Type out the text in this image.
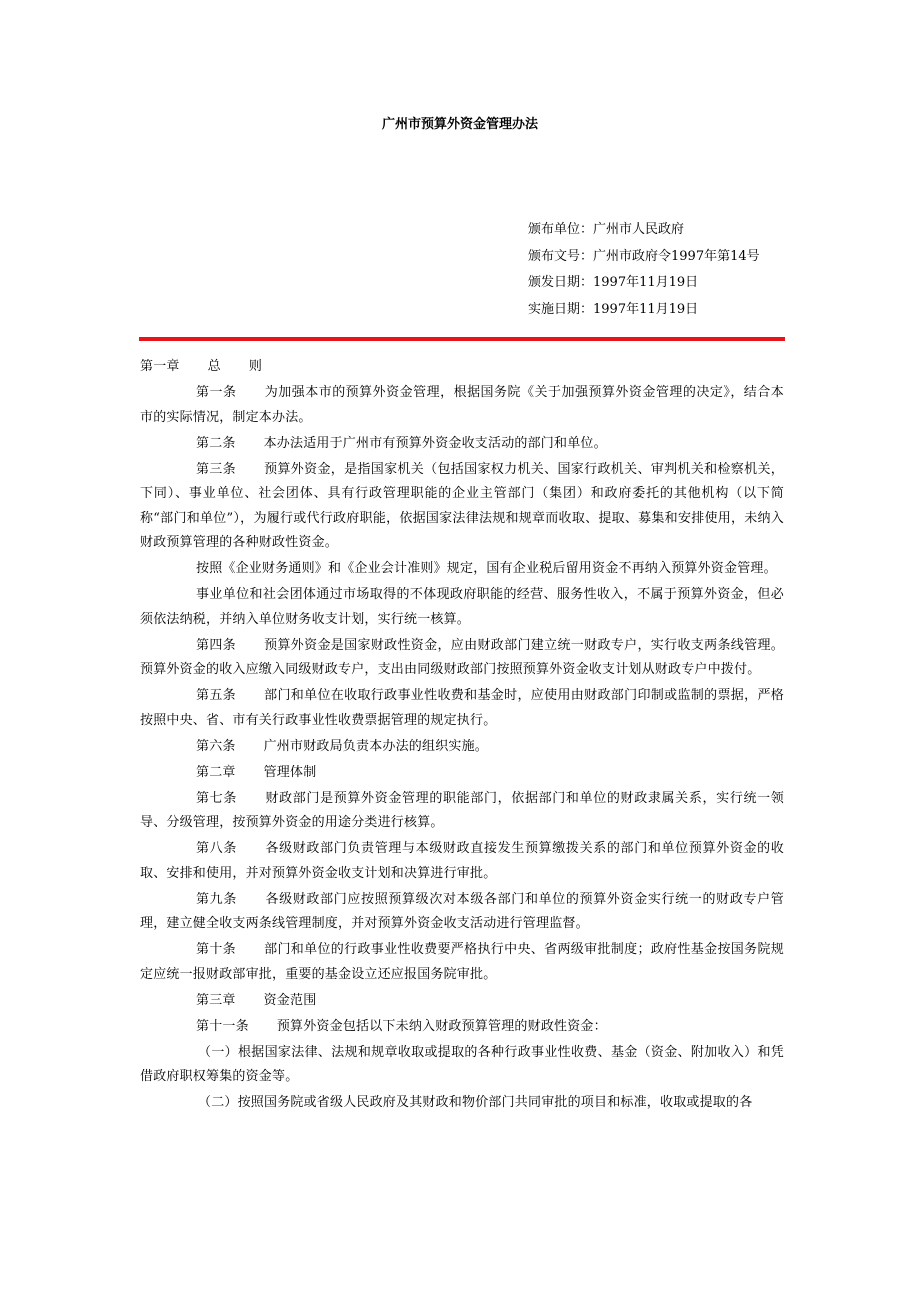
广州市预算外资金管理办法
颁布单位：广州市人民政府
颁布文号：广州市政府令1997年第14号
颁发日期：1997年11月19日
实施日期：1997年11月19日

第一章 总 则

第一条 为加强本市的预算外资金管理，根据国务院《关于加强预算外资金管理的决定》，结合本市的实际情况，制定本办法。

第二条 本办法适用于广州市有预算外资金收支活动的部门和单位。

第三条 预算外资金，是指国家机关（包括国家权力机关、国家行政机关、审判机关和检察机关，下同）、事业单位、社会团体、具有行政管理职能的企业主管部门（集团）和政府委托的其他机构（以下简称“部门和单位”），为履行或代行政府职能，依据国家法律法规和规章而收取、提取、募集和安排使用，未纳入财政预算管理的各种财政性资金。

按照《企业财务通则》和《企业会计准则》规定，国有企业税后留用资金不再纳入预算外资金管理。

事业单位和社会团体通过市场取得的不体现政府职能的经营、服务性收入，不属于预算外资金，但必须依法纳税，并纳入单位财务收支计划，实行统一核算。

第四条 预算外资金是国家财政性资金，应由财政部门建立统一财政专户，实行收支两条线管理。预算外资金的收入应缴入同级财政专户，支出由同级财政部门按照预算外资金收支计划从财政专户中拨付。

第五条 部门和单位在收取行政事业性收费和基金时，应使用由财政部门印制或监制的票据，严格按照中央、省、市有关行政事业性收费票据管理的规定执行。

第六条 广州市财政局负责本办法的组织实施。

第二章 管理体制

第七条 财政部门是预算外资金管理的职能部门，依据部门和单位的财政隶属关系，实行统一领导、分级管理，按预算外资金的用途分类进行核算。

第八条 各级财政部门负责管理与本级财政直接发生预算缴拨关系的部门和单位预算外资金的收取、安排和使用，并对预算外资金收支计划和决算进行审批。

第九条 各级财政部门应按照预算级次对本级各部门和单位的预算外资金实行统一的财政专户管理，建立健全收支两条线管理制度，并对预算外资金收支活动进行管理监督。

第十条 部门和单位的行政事业性收费要严格执行中央、省两级审批制度；政府性基金按国务院规定应统一报财政部审批，重要的基金设立还应报国务院审批。

第三章 资金范围

第十一条 预算外资金包括以下未纳入财政预算管理的财政性资金：

（一）根据国家法律、法规和规章收取或提取的各种行政事业性收费、基金（资金、附加收入）和凭借政府职权筹集的资金等。

（二）按照国务院或省级人民政府及其财政和物价部门共同审批的项目和标准，收取或提取的各
